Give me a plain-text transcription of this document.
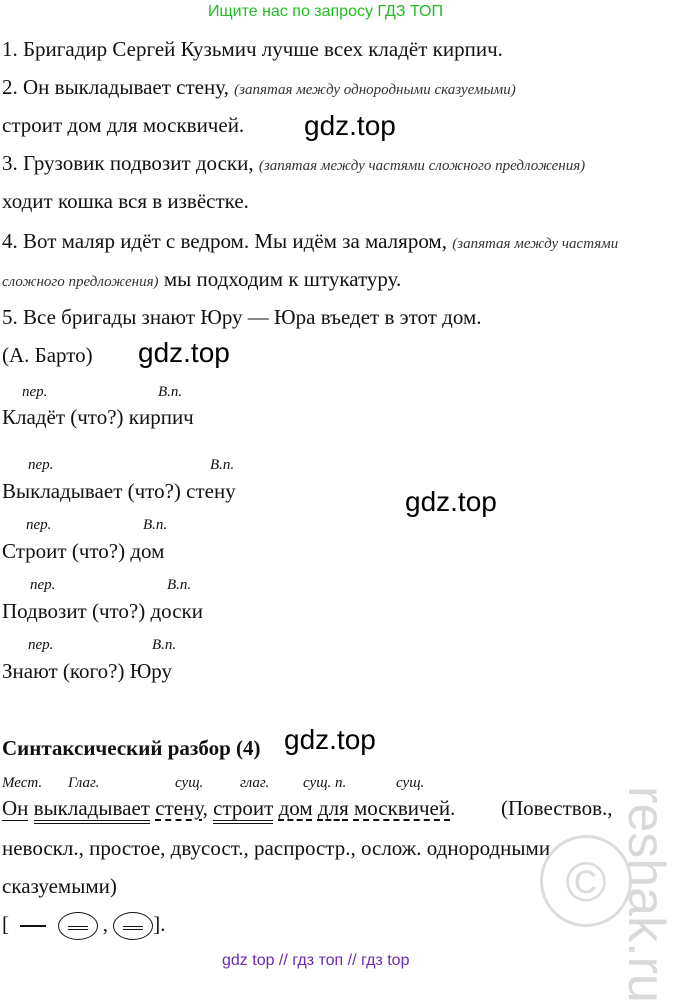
Ищите нас по запросу ГДЗ ТОП
1. Бригадир Сергей Кузьмич лучше всех кладёт кирпич.
2. Он выкладывает стену, (запятая между однородными сказуемыми)
строит дом для москвичей.
3. Грузовик подвозит доски, (запятая между частями сложного предложения)
ходит кошка вся в извёстке.
4. Вот маляр идёт с ведром. Мы идём за маляром, (запятая между частями
сложного предложения) мы подходим к штукатуру.
5. Все бригады знают Юру — Юра въедет в этот дом.
(А. Барто)
gdz.top
gdz.top
gdz.top
gdz.top
пер.	В.п.
Кладёт (что?) кирпич
пер.	В.п.
Выкладывает (что?) стену
пер.	В.п.
Строит (что?) дом
пер.	В.п.
Подвозит (что?) доски
пер.	В.п.
Знают (кого?) Юру
Синтаксический разбор (4)
Мест. Глаг.	сущ. глаг. сущ. п.	сущ.
Он выкладывает стену, строит дом для москвичей. (Повествов.,
невоскл., простое, двусост., распростр., ослож. однородными
сказуемыми)
[	, ].	reshak.ru
©
gdz top // гдз топ // гдз top
